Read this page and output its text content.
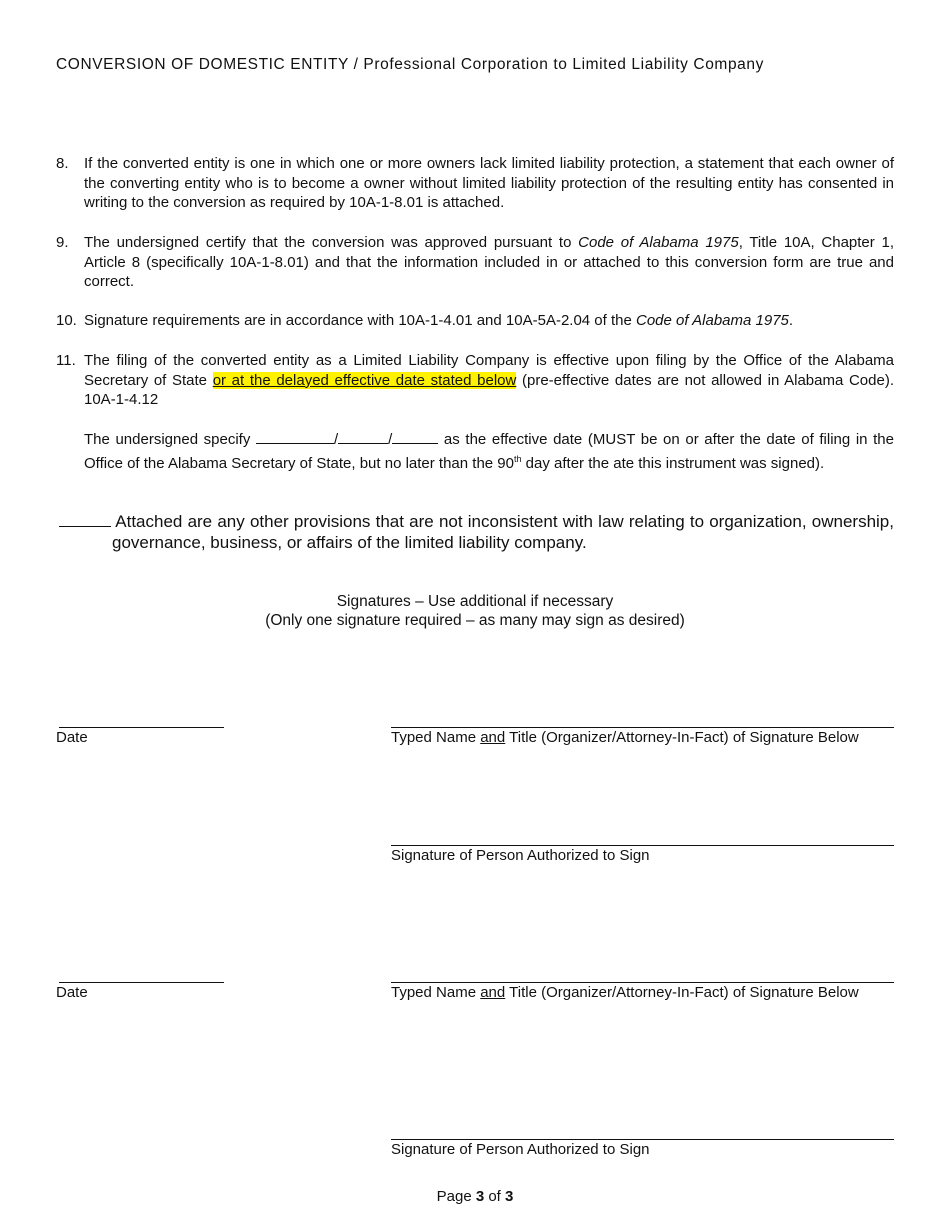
CONVERSION OF DOMESTIC ENTITY / Professional Corporation to Limited Liability Company
8. If the converted entity is one in which one or more owners lack limited liability protection, a statement that each owner of the converting entity who is to become a owner without limited liability protection of the resulting entity has consented in writing to the conversion as required by 10A-1-8.01 is attached.
9. The undersigned certify that the conversion was approved pursuant to Code of Alabama 1975, Title 10A, Chapter 1, Article 8 (specifically 10A-1-8.01) and that the information included in or attached to this conversion form are true and correct.
10. Signature requirements are in accordance with 10A-1-4.01 and 10A-5A-2.04 of the Code of Alabama 1975.
11. The filing of the converted entity as a Limited Liability Company is effective upon filing by the Office of the Alabama Secretary of State or at the delayed effective date stated below (pre-effective dates are not allowed in Alabama Code). 10A-1-4.12
The undersigned specify	/	/	as the effective date (MUST be on or after the date of filing in the Office of the Alabama Secretary of State, but no later than the 90th day after the ate this instrument was signed).
Attached are any other provisions that are not inconsistent with law relating to organization, ownership, governance, business, or affairs of the limited liability company.
Signatures – Use additional if necessary
(Only one signature required – as many may sign as desired)
Date	Typed Name and Title (Organizer/Attorney-In-Fact) of Signature Below
Signature of Person Authorized to Sign
Date	Typed Name and Title (Organizer/Attorney-In-Fact) of Signature Below
Signature of Person Authorized to Sign
Page 3 of 3
